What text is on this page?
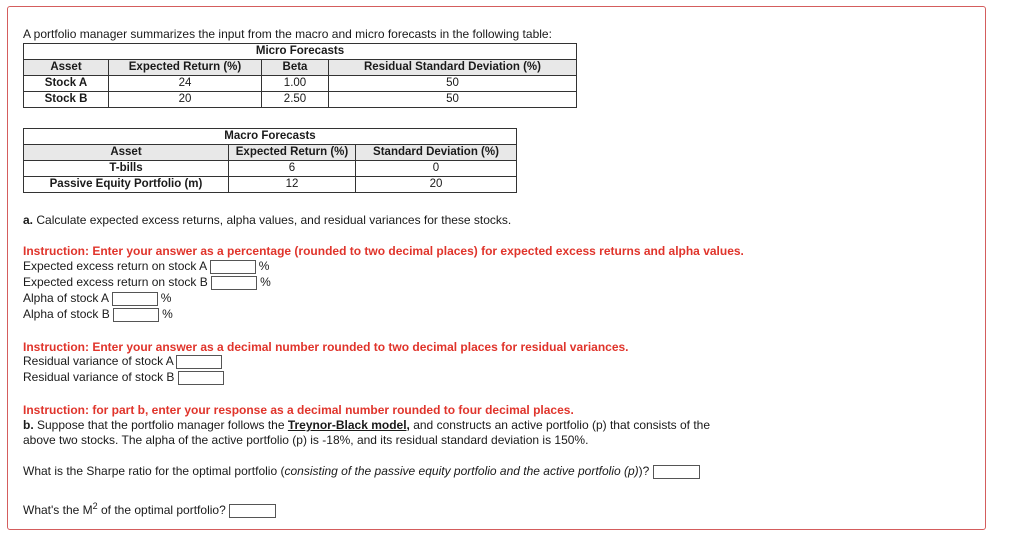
A portfolio manager summarizes the input from the macro and micro forecasts in the following table:
Micro Forecasts			
Asset	Expected Return (%)	Beta	Residual Standard Deviation (%)
Stock A	24	1.00	50
Stock B	20	2.50	50
Macro Forecasts		
Asset	Expected Return (%)	Standard Deviation (%)
T-bills	6	0
Passive Equity Portfolio (m)	12	20
a. Calculate expected excess returns, alpha values, and residual variances for these stocks.
Instruction: Enter your answer as a percentage (rounded to two decimal places) for expected excess returns and alpha values.
Expected excess return on stock A	%
Expected excess return on stock B	%
Alpha of stock A	%
Alpha of stock B	%
Instruction: Enter your answer as a decimal number rounded to two decimal places for residual variances.
Residual variance of stock A
Residual variance of stock B
Instruction: for part b, enter your response as a decimal number rounded to four decimal places.
b. Suppose that the portfolio manager follows the Treynor-Black model, and constructs an active portfolio (p) that consists of the
above two stocks. The alpha of the active portfolio (p) is -18%, and its residual standard deviation is 150%.
What is the Sharpe ratio for the optimal portfolio (consisting of the passive equity portfolio and the active portfolio (p))?
What's the $M^2$ of the optimal portfolio?
